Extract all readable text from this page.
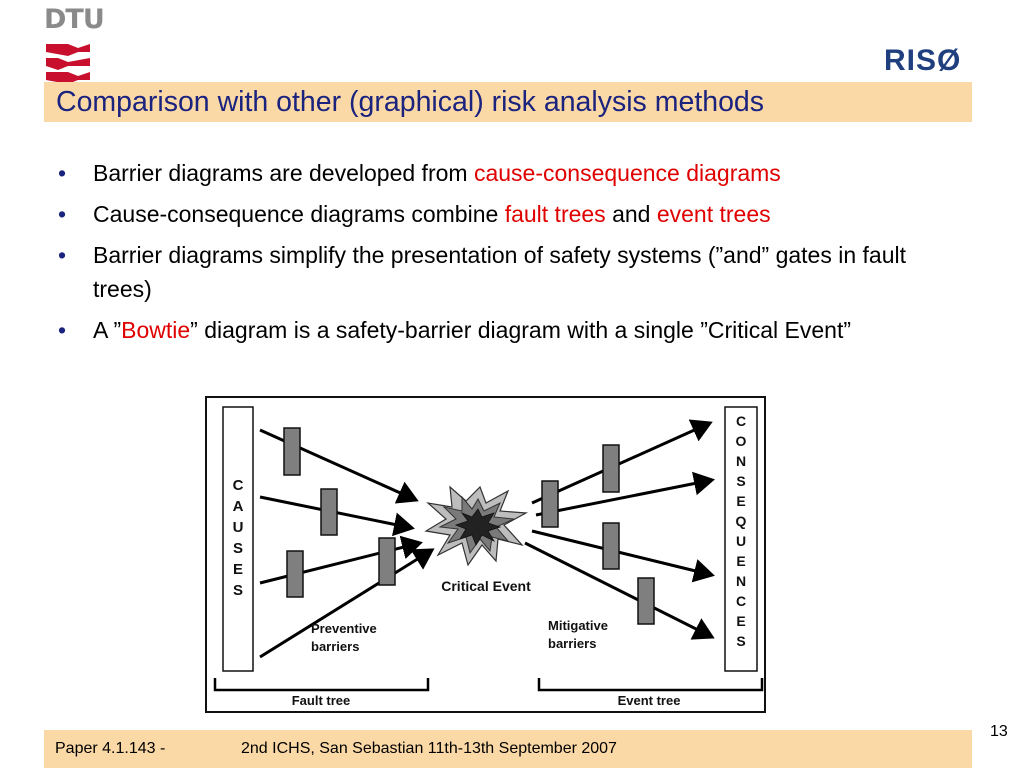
DTU
RISØ
Comparison with other (graphical) risk analysis methods
• Barrier diagrams are developed from cause-consequence diagrams
• Cause-consequence diagrams combine fault trees and event trees
• Barrier diagrams simplify the presentation of safety systems (”and” gates in fault trees)
• A ”Bowtie” diagram is a safety-barrier diagram with a single ”Critical Event”
C
A
U
S
E
S
C
O
N
S
E
Q
U
E
N
C
E
S
Critical Event
Preventive
barriers
Mitigative
barriers
Fault tree	Event tree
13
Paper 4.1.143 -	2nd ICHS, San Sebastian 11th-13th September 2007
